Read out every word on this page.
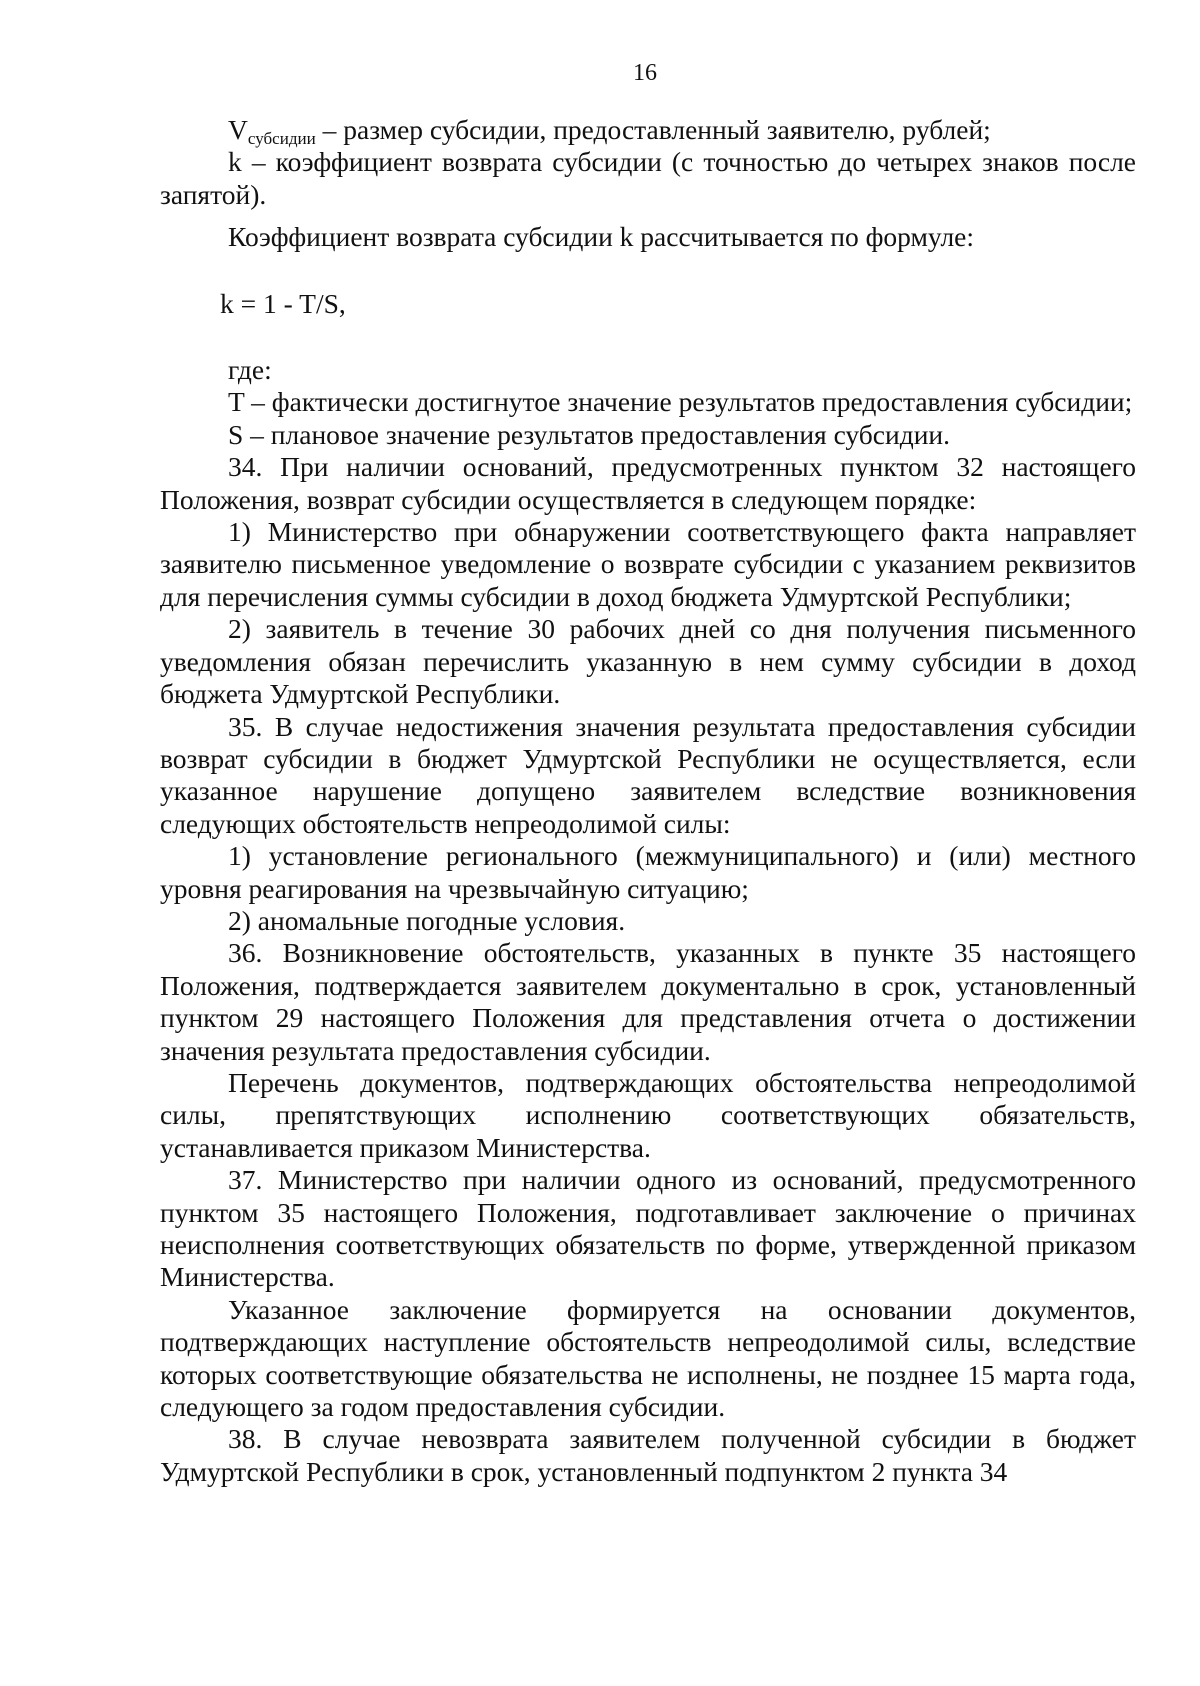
16

$V_{субсидии}$ – размер субсидии, предоставленный заявителю, рублей;

k – коэффициент возврата субсидии (с точностью до четырех знаков после запятой).

Коэффициент возврата субсидии k рассчитывается по формуле:

k = 1 - T/S,

где:

T – фактически достигнутое значение результатов предоставления субсидии;

S – плановое значение результатов предоставления субсидии.

34. При наличии оснований, предусмотренных пунктом 32 настоящего Положения, возврат субсидии осуществляется в следующем порядке:

1) Министерство при обнаружении соответствующего факта направляет заявителю письменное уведомление о возврате субсидии с указанием реквизитов для перечисления суммы субсидии в доход бюджета Удмуртской Республики;

2) заявитель в течение 30 рабочих дней со дня получения письменного уведомления обязан перечислить указанную в нем сумму субсидии в доход бюджета Удмуртской Республики.

35. В случае недостижения значения результата предоставления субсидии возврат субсидии в бюджет Удмуртской Республики не осуществляется, если указанное нарушение допущено заявителем вследствие возникновения следующих обстоятельств непреодолимой силы:

1) установление регионального (межмуниципального) и (или) местного уровня реагирования на чрезвычайную ситуацию;

2) аномальные погодные условия.

36. Возникновение обстоятельств, указанных в пункте 35 настоящего Положения, подтверждается заявителем документально в срок, установленный пунктом 29 настоящего Положения для представления отчета о достижении значения результата предоставления субсидии.

Перечень документов, подтверждающих обстоятельства непреодолимой силы, препятствующих исполнению соответствующих обязательств, устанавливается приказом Министерства.

37. Министерство при наличии одного из оснований, предусмотренного пунктом 35 настоящего Положения, подготавливает заключение о причинах неисполнения соответствующих обязательств по форме, утвержденной приказом Министерства.

Указанное заключение формируется на основании документов, подтверждающих наступление обстоятельств непреодолимой силы, вследствие которых соответствующие обязательства не исполнены, не позднее 15 марта года, следующего за годом предоставления субсидии.

38. В случае невозврата заявителем полученной субсидии в бюджет Удмуртской Республики в срок, установленный подпунктом 2 пункта 34
